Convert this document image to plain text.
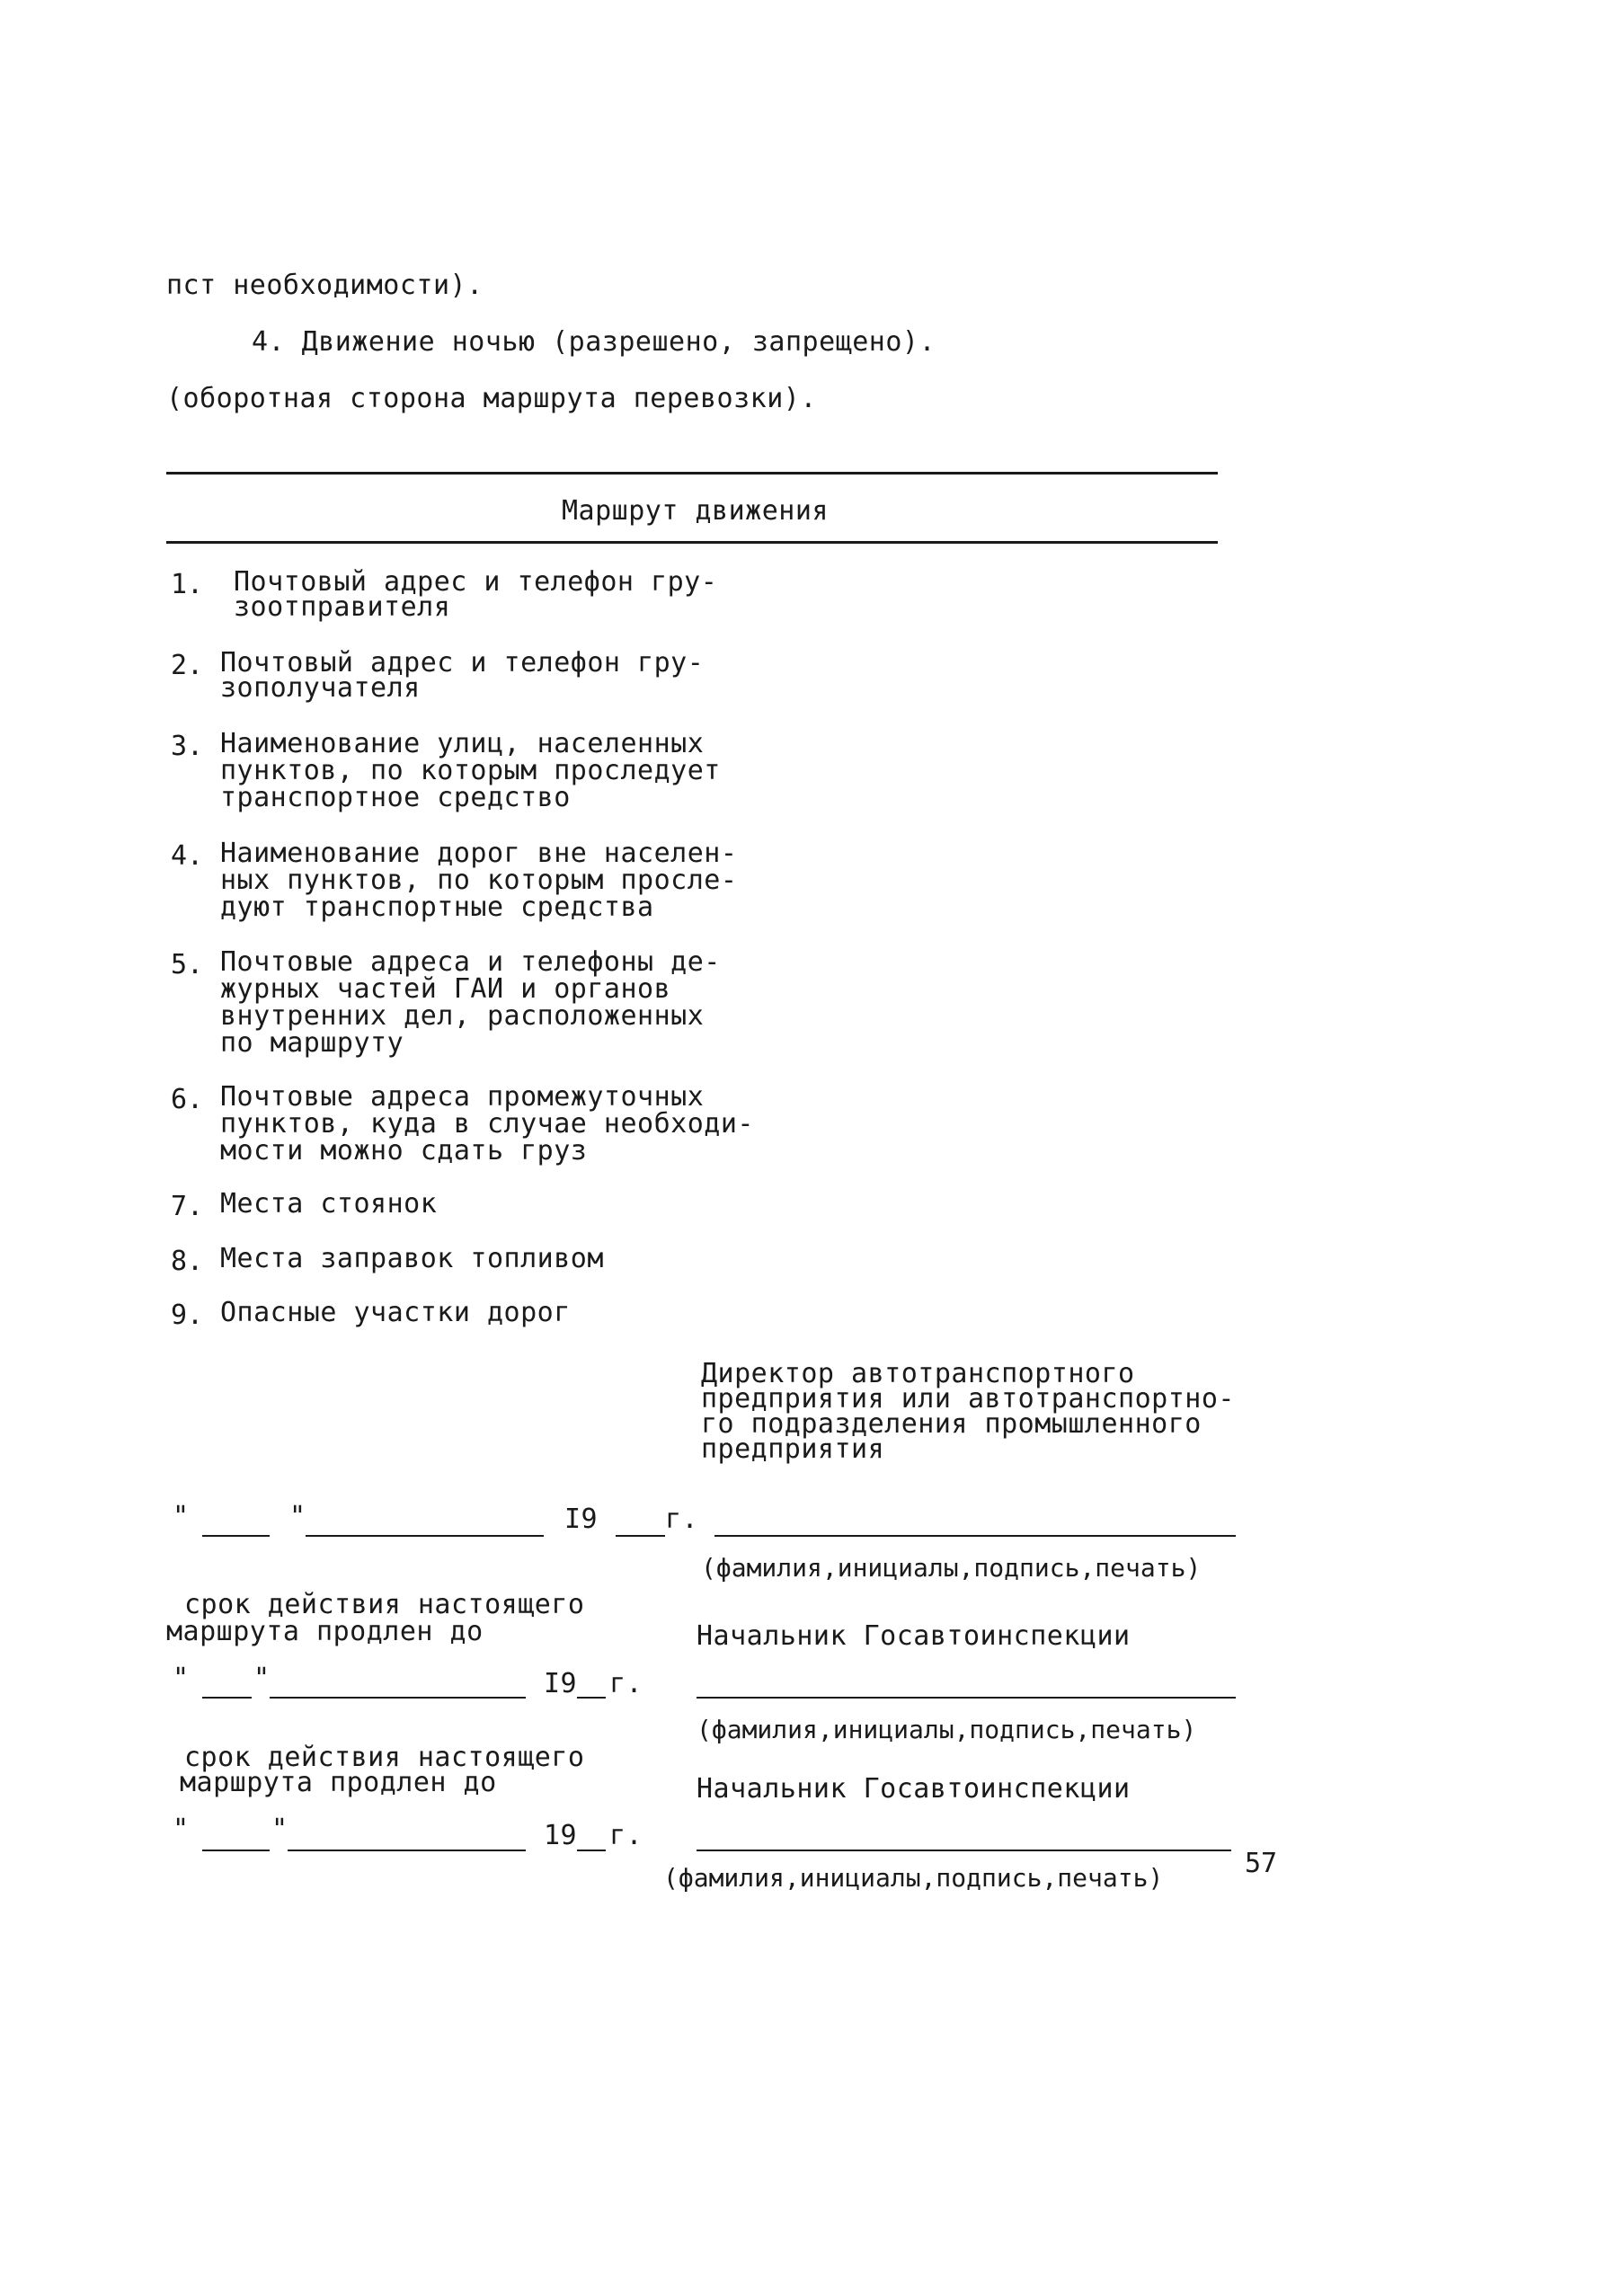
пст необходимости).
4. Движение ночью (разрешено, запрещено).
(оборотная сторона маршрута перевозки).
Маршрут движения
1. Почтовый адрес и телефон гру-
зоотправителя
2. Почтовый адрес и телефон гру-
зополучателя
3. Наименование улиц, населенных
пунктов, по которым проследует
транспортное средство
4. Наименование дорог вне населен-
ных пунктов, по которым просле-
дуют транспортные средства
5. Почтовые адреса и телефоны де-
журных частей ГАИ и органов
внутренних дел, расположенных
по маршруту
6. Почтовые адреса промежуточных
пунктов, куда в случае необходи-
мости можно сдать груз
7. Места стоянок
8. Места заправок топливом
9. Опасные участки дорог
Директор автотранспортного
предприятия или автотранспортно-
го подразделения промышленного
предприятия
"	"	I9 г.
(фамилия,инициалы,подпись,печать)
срок действия настоящего
маршрута продлен до	Начальник Госавтоинспекции
" "	I9 г.
(фамилия,инициалы,подпись,печать)
срок действия настоящего
маршрута продлен до	Начальник Госавтоинспекции
"	"	19 г.
(фамилия,инициалы,подпись,печать)	57
